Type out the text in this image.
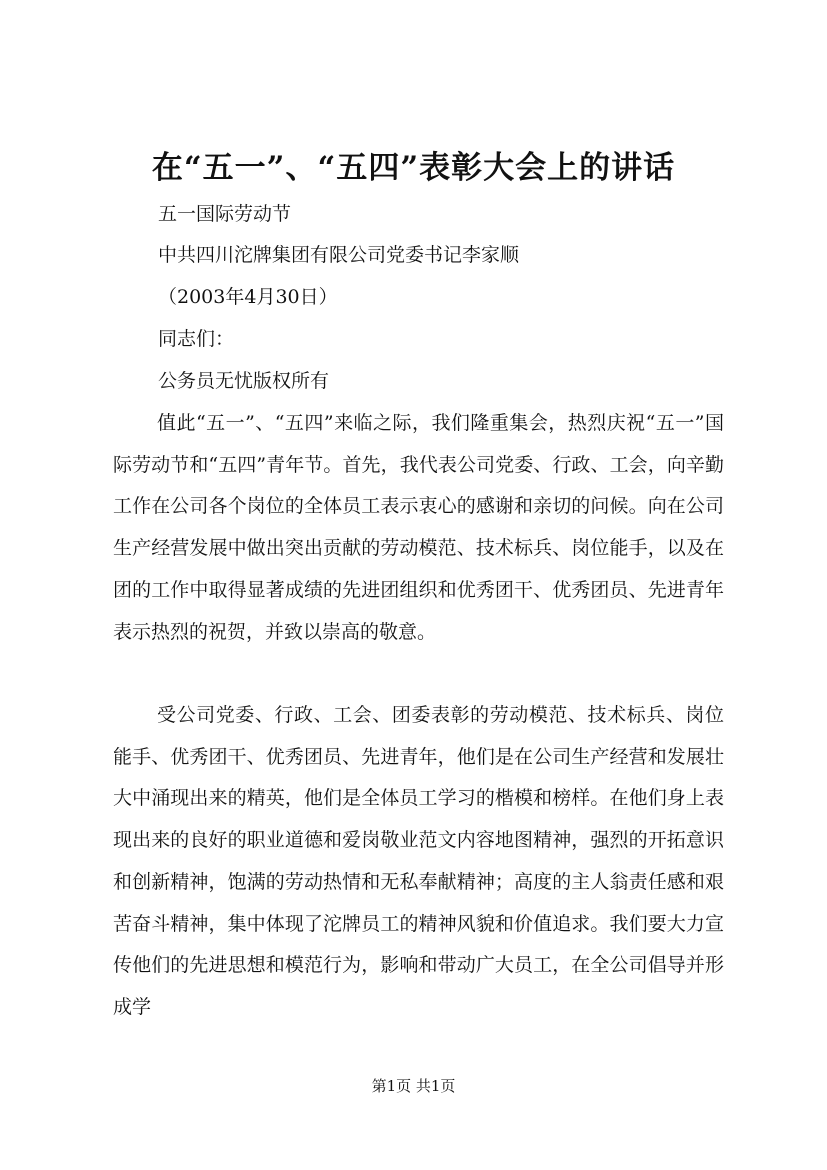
在“五一”、“五四”表彰大会上的讲话
五一国际劳动节
中共四川沱牌集团有限公司党委书记李家顺
（2003年4月30日）
同志们：
公务员无忧版权所有
值此“五一”、“五四”来临之际，我们隆重集会，热烈庆祝“五一”国际劳动节和“五四”青年节。首先，我代表公司党委、行政、工会，向辛勤工作在公司各个岗位的全体员工表示衷心的感谢和亲切的问候。向在公司生产经营发展中做出突出贡献的劳动模范、技术标兵、岗位能手，以及在团的工作中取得显著成绩的先进团组织和优秀团干、优秀团员、先进青年表示热烈的祝贺，并致以崇高的敬意。
受公司党委、行政、工会、团委表彰的劳动模范、技术标兵、岗位能手、优秀团干、优秀团员、先进青年，他们是在公司生产经营和发展壮大中涌现出来的精英，他们是全体员工学习的楷模和榜样。在他们身上表现出来的良好的职业道德和爱岗敬业范文内容地图精神，强烈的开拓意识和创新精神，饱满的劳动热情和无私奉献精神；高度的主人翁责任感和艰苦奋斗精神，集中体现了沱牌员工的精神风貌和价值追求。我们要大力宣传他们的先进思想和模范行为，影响和带动广大员工，在全公司倡导并形成学
第1页 共1页
